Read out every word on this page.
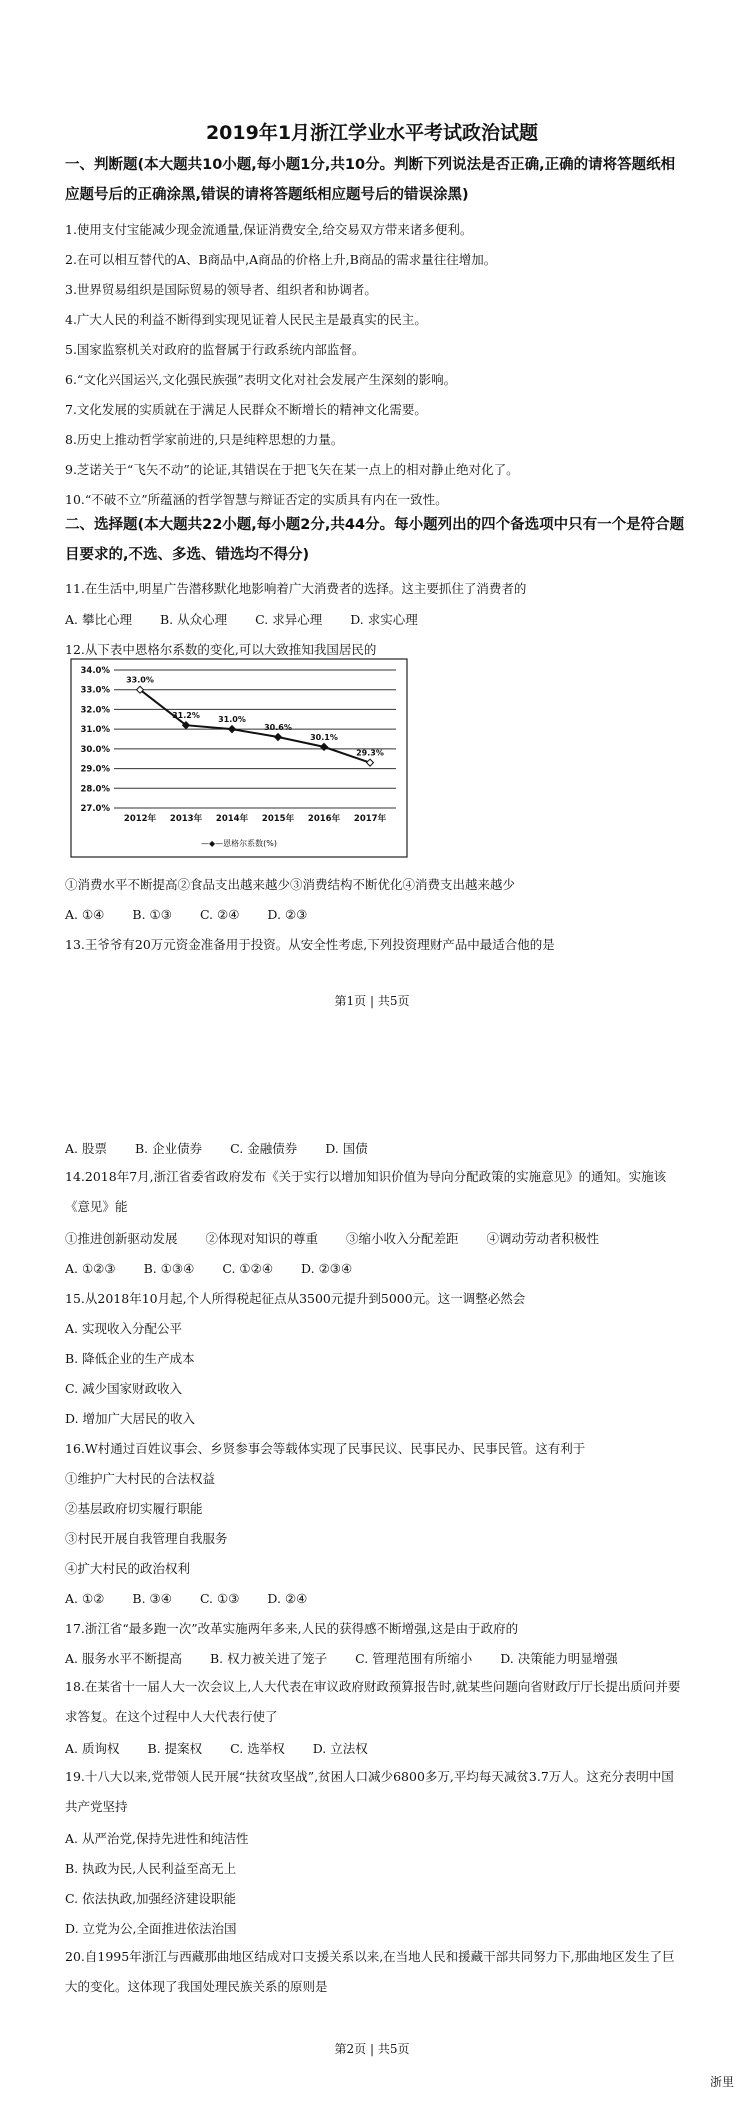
2019年1月浙江学业水平考试政治试题
一、判断题(本大题共10小题,每小题1分,共10分。判断下列说法是否正确,正确的请将答题纸相应题号后的正确涂黑,错误的请将答题纸相应题号后的错误涂黑)
1.使用支付宝能减少现金流通量,保证消费安全,给交易双方带来诸多便利。
2.在可以相互替代的A、B商品中,A商品的价格上升,B商品的需求量往往增加。
3.世界贸易组织是国际贸易的领导者、组织者和协调者。
4.广大人民的利益不断得到实现见证着人民民主是最真实的民主。
5.国家监察机关对政府的监督属于行政系统内部监督。
6.“文化兴国运兴,文化强民族强”表明文化对社会发展产生深刻的影响。
7.文化发展的实质就在于满足人民群众不断增长的精神文化需要。
8.历史上推动哲学家前进的,只是纯粹思想的力量。
9.芝诺关于“飞矢不动”的论证,其错误在于把飞矢在某一点上的相对静止绝对化了。
10.“不破不立”所蕴涵的哲学智慧与辩证否定的实质具有内在一致性。
二、选择题(本大题共22小题,每小题2分,共44分。每小题列出的四个备选项中只有一个是符合题目要求的,不选、多选、错选均不得分)
11.在生活中,明星广告潜移默化地影响着广大消费者的选择。这主要抓住了消费者的
A. 攀比心理 B. 从众心理 C. 求异心理 D. 求实心理
12.从下表中恩格尔系数的变化,可以大致推知我国居民的
34.0%
33.0%
32.0%
31.0%
30.0%
29.0%
28.0%
27.0%
2012年 2013年 2014年 2015年 2016年 2017年
33.0%
31.2% 31.0%
30.6%
30.1%
29.3%
—◆—恩格尔系数(%)
①消费水平不断提高②食品支出越来越少③消费结构不断优化④消费支出越来越少
A. ①④ B. ①③ C. ②④ D. ②③
13.王爷爷有20万元资金准备用于投资。从安全性考虑,下列投资理财产品中最适合他的是
第1页 | 共5页
A. 股票 B. 企业债券 C. 金融债券 D. 国债
14.2018年7月,浙江省委省政府发布《关于实行以增加知识价值为导向分配政策的实施意见》的通知。实施该《意见》能
①推进创新驱动发展 ②体现对知识的尊重 ③缩小收入分配差距 ④调动劳动者积极性
A. ①②③ B. ①③④ C. ①②④ D. ②③④
15.从2018年10月起,个人所得税起征点从3500元提升到5000元。这一调整必然会
A. 实现收入分配公平
B. 降低企业的生产成本
C. 减少国家财政收入
D. 增加广大居民的收入
16.W村通过百姓议事会、乡贤参事会等载体实现了民事民议、民事民办、民事民管。这有利于
①维护广大村民的合法权益
②基层政府切实履行职能
③村民开展自我管理自我服务
④扩大村民的政治权利
A. ①② B. ③④ C. ①③ D. ②④
17.浙江省“最多跑一次”改革实施两年多来,人民的获得感不断增强,这是由于政府的
A. 服务水平不断提高 B. 权力被关进了笼子 C. 管理范围有所缩小 D. 决策能力明显增强
18.在某省十一届人大一次会议上,人大代表在审议政府财政预算报告时,就某些问题向省财政厅厅长提出质问并要求答复。在这个过程中人大代表行使了
A. 质询权 B. 提案权 C. 选举权 D. 立法权
19.十八大以来,党带领人民开展“扶贫攻坚战”,贫困人口减少6800多万,平均每天减贫3.7万人。这充分表明中国共产党坚持
A. 从严治党,保持先进性和纯洁性
B. 执政为民,人民利益至高无上
C. 依法执政,加强经济建设职能
D. 立党为公,全面推进依法治国
20.自1995年浙江与西藏那曲地区结成对口支援关系以来,在当地人民和援藏干部共同努力下,那曲地区发生了巨大的变化。这体现了我国处理民族关系的原则是
第2页 | 共5页
浙里
